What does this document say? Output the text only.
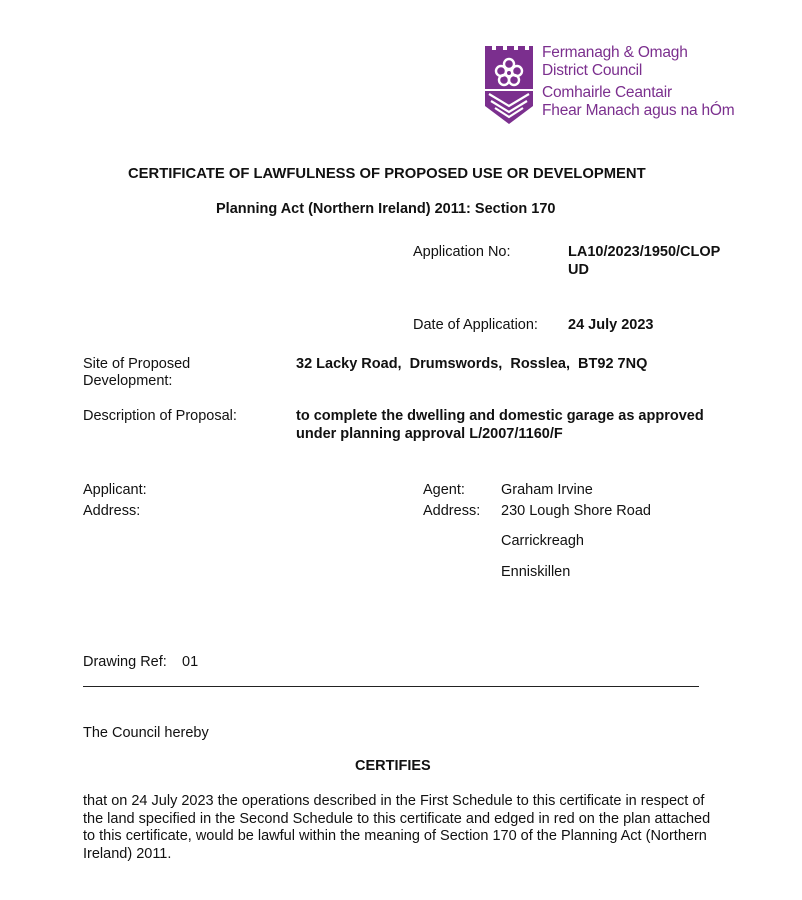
Fermanagh & Omagh
District Council
Comhairle Ceantair
Fhear Manach agus na hÓm
CERTIFICATE OF LAWFULNESS OF PROPOSED USE OR DEVELOPMENT
Planning Act (Northern Ireland) 2011: Section 170
Application No:	LA10/2023/1950/CLOP
UD
Date of Application: 24 July 2023
Site of Proposed
Development:
32 Lacky Road,  Drumswords,  Rosslea,  BT92 7NQ
Description of Proposal:	to complete the dwelling and domestic garage as approved
under planning approval L/2007/1160/F
Applicant:
Address:
Agent: Graham Irvine
Address: 230 Lough Shore Road
Carrickreagh
Enniskillen
Drawing Ref: 01
The Council hereby
CERTIFIES
that on 24 July 2023 the operations described in the First Schedule to this certificate in respect of the land specified in the Second Schedule to this certificate and edged in red on the plan attached to this certificate, would be lawful within the meaning of Section 170 of the Planning Act (Northern Ireland) 2011.
